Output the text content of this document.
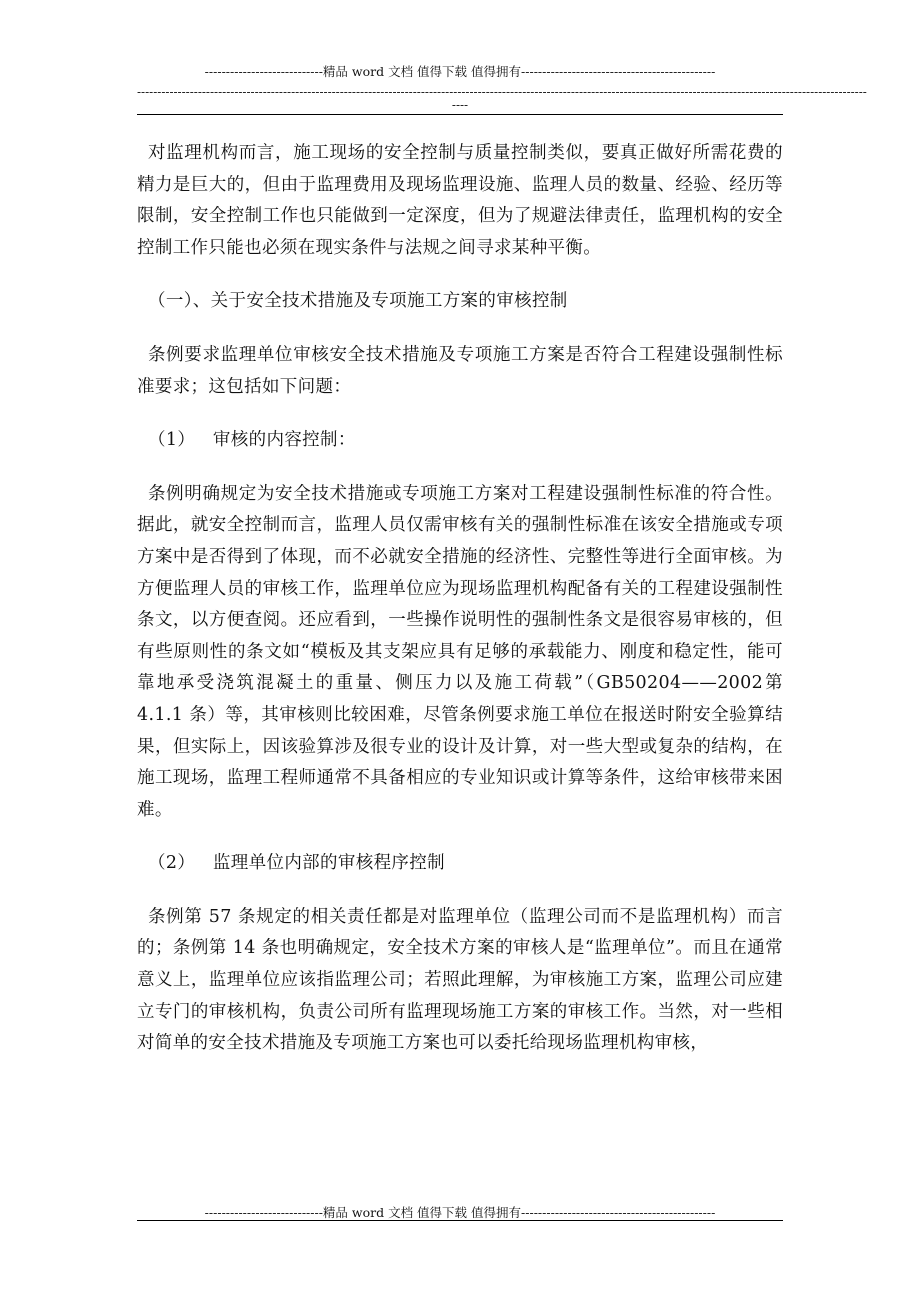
----------------------------精品 word 文档 值得下载 值得拥有----------------------------------------------
------------------------------------------------------------------------------------------------------------------------------------------------------------------------------------
----

对监理机构而言，施工现场的安全控制与质量控制类似，要真正做好所需花费的精力是巨大的，但由于监理费用及现场监理设施、监理人员的数量、经验、经历等限制，安全控制工作也只能做到一定深度，但为了规避法律责任，监理机构的安全控制工作只能也必须在现实条件与法规之间寻求某种平衡。

（一）、关于安全技术措施及专项施工方案的审核控制

条例要求监理单位审核安全技术措施及专项施工方案是否符合工程建设强制性标准要求；这包括如下问题：

（1）   审核的内容控制：

条例明确规定为安全技术措施或专项施工方案对工程建设强制性标准的符合性。据此，就安全控制而言，监理人员仅需审核有关的强制性标准在该安全措施或专项方案中是否得到了体现，而不必就安全措施的经济性、完整性等进行全面审核。为方便监理人员的审核工作，监理单位应为现场监理机构配备有关的工程建设强制性条文，以方便查阅。还应看到，一些操作说明性的强制性条文是很容易审核的，但有些原则性的条文如“模板及其支架应具有足够的承载能力、刚度和稳定性，能可靠地承受浇筑混凝土的重量、侧压力以及施工荷载”（GB50204——2002第 4.1.1 条）等，其审核则比较困难，尽管条例要求施工单位在报送时附安全验算结果，但实际上，因该验算涉及很专业的设计及计算，对一些大型或复杂的结构，在施工现场，监理工程师通常不具备相应的专业知识或计算等条件，这给审核带来困难。

（2）   监理单位内部的审核程序控制

条例第 57 条规定的相关责任都是对监理单位（监理公司而不是监理机构）而言的；条例第 14 条也明确规定，安全技术方案的审核人是“监理单位”。而且在通常意义上，监理单位应该指监理公司；若照此理解，为审核施工方案，监理公司应建立专门的审核机构，负责公司所有监理现场施工方案的审核工作。当然，对一些相对简单的安全技术措施及专项施工方案也可以委托给现场监理机构审核，

----------------------------精品 word 文档 值得下载 值得拥有----------------------------------------------
